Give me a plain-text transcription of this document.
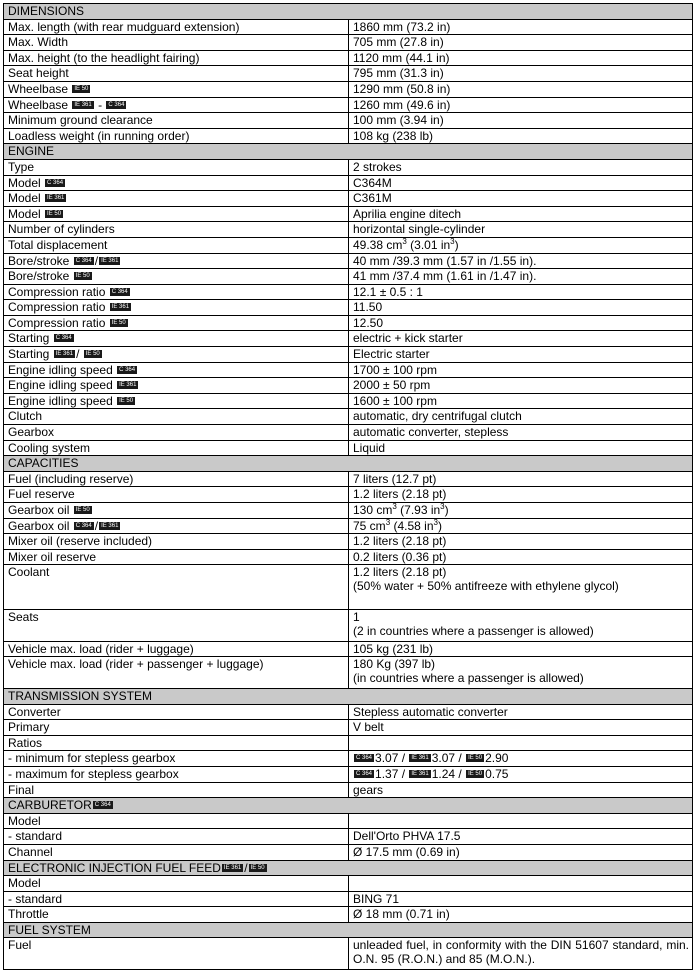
DIMENSIONS	
Max. length (with rear mudguard extension)	1860 mm (73.2 in)
Max. Width	705 mm (27.8 in)
Max. height (to the headlight fairing)	1120 mm (44.1 in)
Seat height	795 mm (31.3 in)
Wheelbase IE 50	1290 mm (50.8 in)
Wheelbase IE 361 - C 364	1260 mm (49.6 in)
Minimum ground clearance	100 mm (3.94 in)
Loadless weight (in running order)	108 kg (238 lb)
ENGINE	
Type	2 strokes
Model C 364	C364M
Model IE 361	C361M
Model IE 50	Aprilia engine ditech
Number of cylinders	horizontal single-cylinder
Total displacement	49.38 $cm^3$ (3.01 $in^3$)
Bore/stroke C 364 / IE 361	40 mm /39.3 mm (1.57 in /1.55 in).
Bore/stroke IE 50	41 mm /37.4 mm (1.61 in /1.47 in).
Compression ratio C 364	12.1 ± 0.5 : 1
Compression ratio IE 361	11.50
Compression ratio IE 50	12.50
Starting C 364	electric + kick starter
Starting IE 361 / IE 50	Electric starter
Engine idling speed C 364	1700 ± 100 rpm
Engine idling speed IE 361	2000 ± 50 rpm
Engine idling speed IE 50	1600 ± 100 rpm
Clutch	automatic, dry centrifugal clutch
Gearbox	automatic converter, stepless
Cooling system	Liquid
CAPACITIES	
Fuel (including reserve)	7 liters (12.7 pt)
Fuel reserve	1.2 liters (2.18 pt)
Gearbox oil IE 50	130 $cm^3$ (7.93 $in^3$)
Gearbox oil C 364 / IE 361	75 $cm^3$ (4.58 $in^3$)
Mixer oil (reserve included)	1.2 liters (2.18 pt)
Mixer oil reserve	0.2 liters (0.36 pt)
Coolant	1.2 liters (2.18 pt)
(50% water + 50% antifreeze with ethylene glycol)
Seats	1
(2 in countries where a passenger is allowed)
Vehicle max. load (rider + luggage)	105 kg (231 lb)
Vehicle max. load (rider + passenger + luggage)	180 Kg (397 lb)
(in countries where a passenger is allowed)
TRANSMISSION SYSTEM	
Converter	Stepless automatic converter
Primary	V belt
Ratios	
- minimum for stepless gearbox	C 364 3.07 / IE 361 3.07 / IE 50 2.90
- maximum for stepless gearbox	C 364 1.37 / IE 361 1.24 / IE 50 0.75
Final	gears
CARBURETOR C 364	
Model	
- standard	Dell'Orto PHVA 17.5
Channel	Ø 17.5 mm (0.69 in)
ELECTRONIC INJECTION FUEL FEED IE 361 / IE 50	
Model	
- standard	BING 71
Throttle	Ø 18 mm (0.71 in)
FUEL SYSTEM	
Fuel	unleaded fuel, in conformity with the DIN 51607 standard, min. O.N. 95 (R.O.N.) and 85 (M.O.N.).
